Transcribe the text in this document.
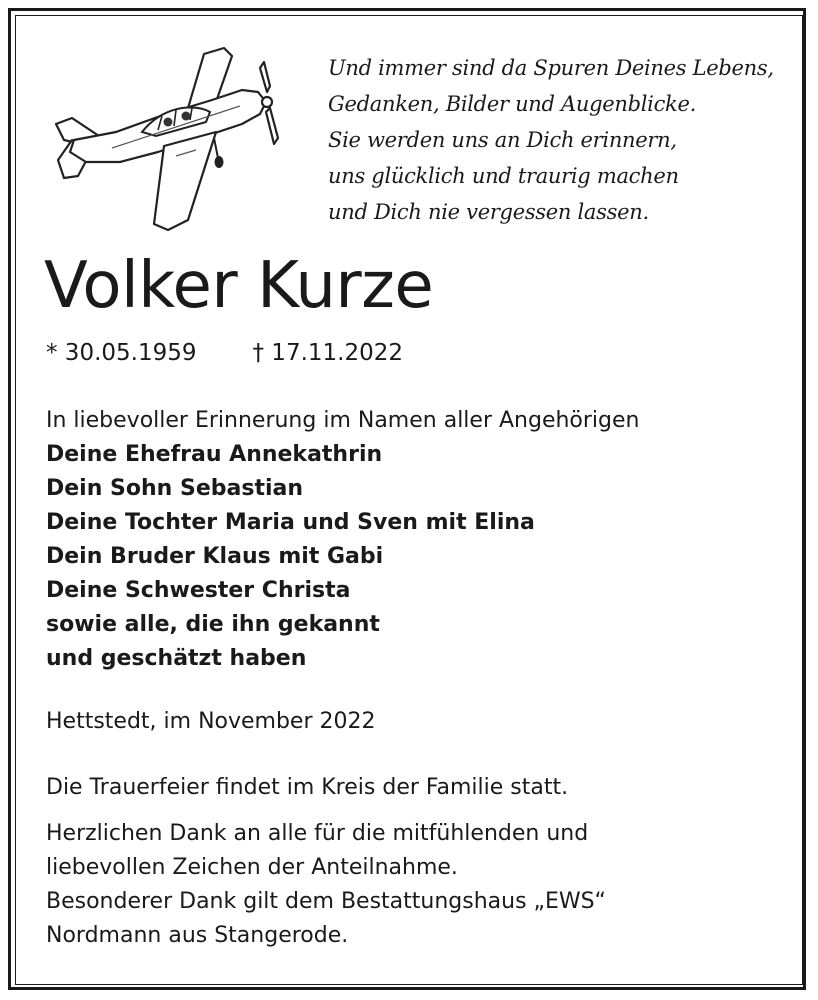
Und immer sind da Spuren Deines Lebens,
Gedanken, Bilder und Augenblicke.
Sie werden uns an Dich erinnern,
uns glücklich und traurig machen
und Dich nie vergessen lassen.
Volker Kurze
* 30.05.1959 † 17.11.2022
In liebevoller Erinnerung im Namen aller Angehörigen
Deine Ehefrau Annekathrin
Dein Sohn Sebastian
Deine Tochter Maria und Sven mit Elina
Dein Bruder Klaus mit Gabi
Deine Schwester Christa
sowie alle, die ihn gekannt
und geschätzt haben
Hettstedt, im November 2022
Die Trauerfeier findet im Kreis der Familie statt.
Herzlichen Dank an alle für die mitfühlenden und
liebevollen Zeichen der Anteilnahme.
Besonderer Dank gilt dem Bestattungshaus „EWS“
Nordmann aus Stangerode.
